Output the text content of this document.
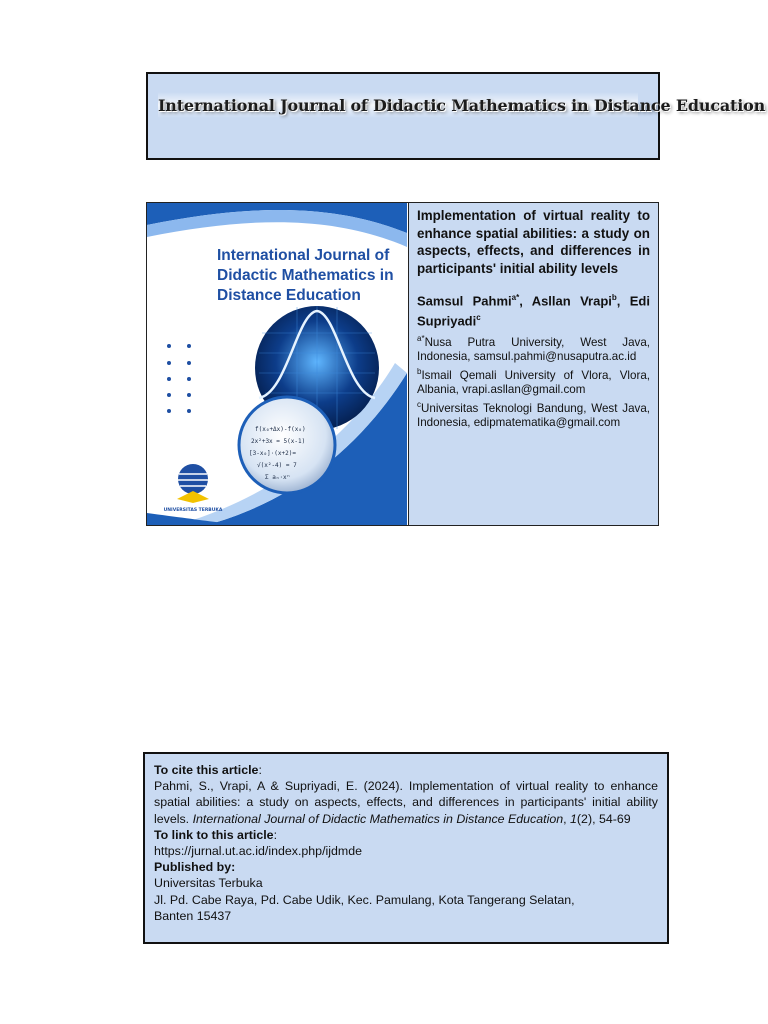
International Journal of Didactic Mathematics in Distance Education
f(x₀+Δx)-f(x₀)
2x²+3x = 5(x-1)
[3-x₀]·(x+2)=
√(x²-4) = 7
Σ aₙ·xⁿ
UNIVERSITAS TERBUKA
International Journal of
Didactic Mathematics in
Distance Education

Implementation of virtual reality to enhance spatial abilities: a study on aspects, effects, and differences in participants' initial ability levels

Samsul Pahmi$^{a*}$, Asllan Vrapi$^b$, Edi Supriyadi$^c$

$^{a*}$Nusa Putra University, West Java, Indonesia, samsul.pahmi@nusaputra.ac.id

$^b$Ismail Qemali University of Vlora, Vlora, Albania, vrapi.asllan@gmail.com

$^c$Universitas Teknologi Bandung, West Java, Indonesia, edipmatematika@gmail.com

To cite this article:

Pahmi, S., Vrapi, A & Supriyadi, E. (2024). Implementation of virtual reality to enhance spatial abilities: a study on aspects, effects, and differences in participants' initial ability levels. International Journal of Didactic Mathematics in Distance Education, 1(2), 54-69

To link to this article:

https://jurnal.ut.ac.id/index.php/ijdmde

Published by:

Universitas Terbuka

Jl. Pd. Cabe Raya, Pd. Cabe Udik, Kec. Pamulang, Kota Tangerang Selatan,

Banten 15437
